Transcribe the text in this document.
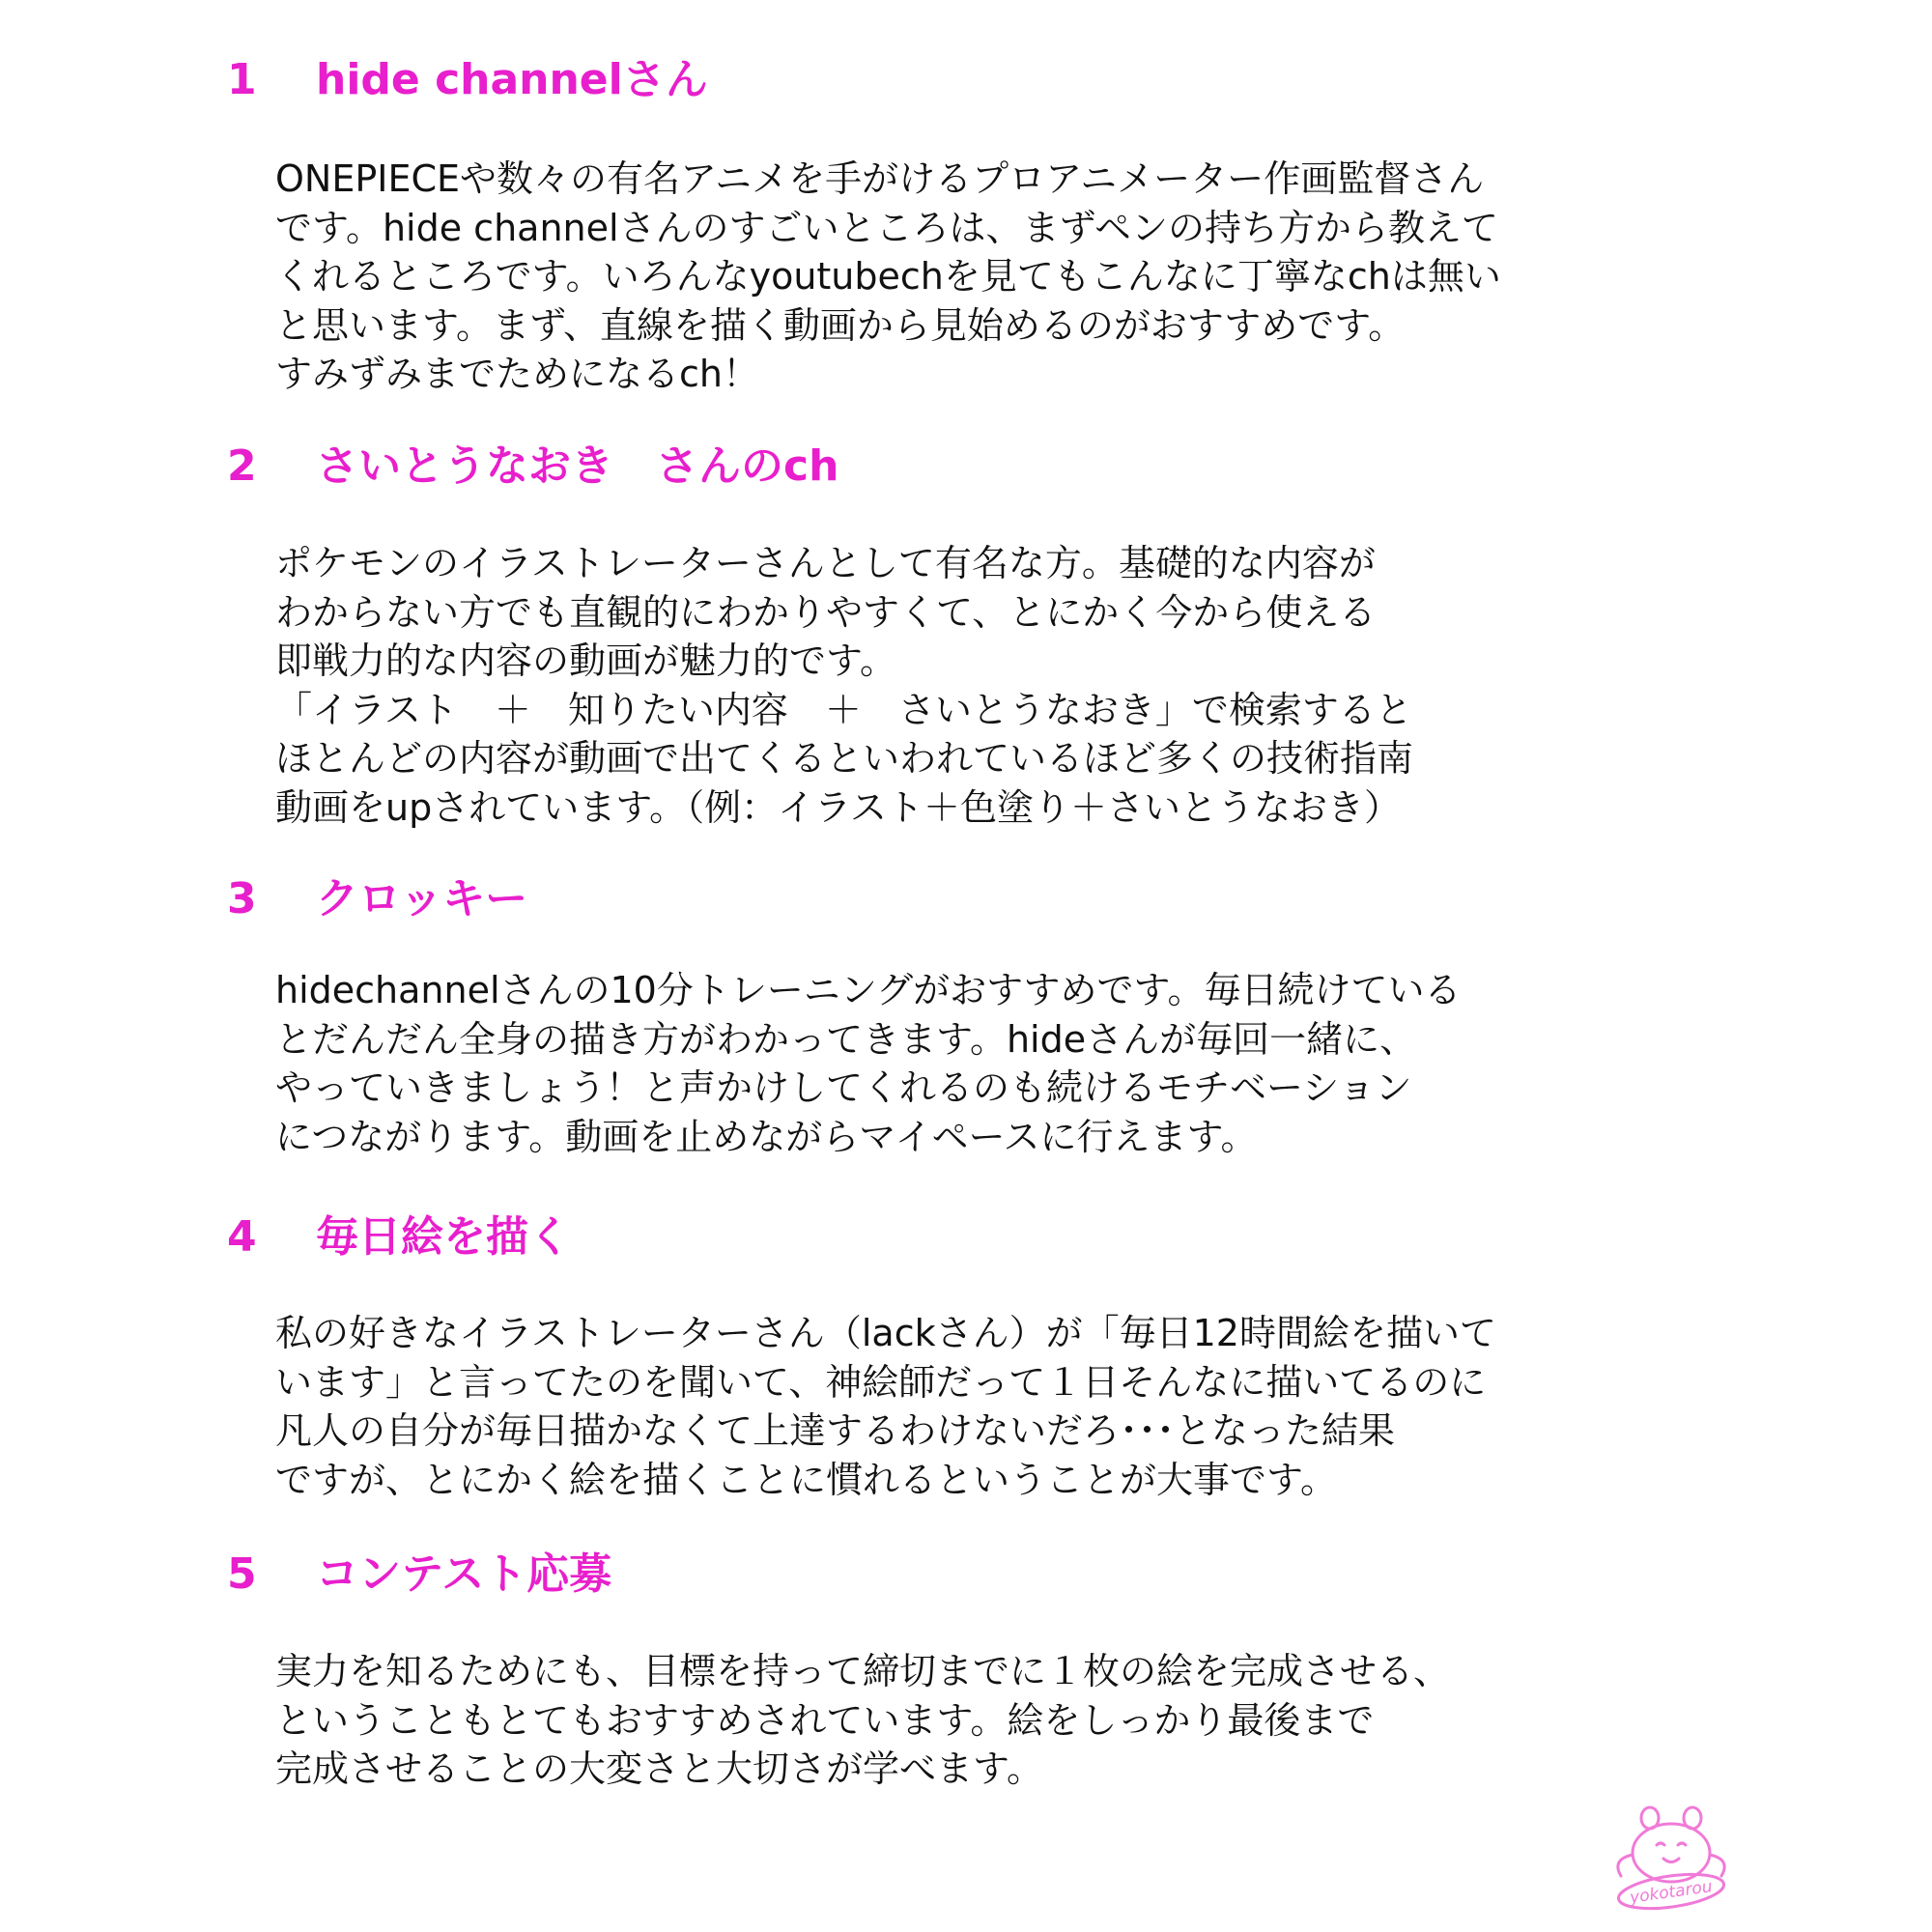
1 hide channelさん
ONEPIECEや数々の有名アニメを手がけるプロアニメーター作画監督さん
です。hide channelさんのすごいところは、まずペンの持ち方から教えて
くれるところです。いろんなyoutubechを見てもこんなに丁寧なchは無い
と思います。まず、直線を描く動画から見始めるのがおすすめです。
すみずみまでためになるch！
2 さいとうなおき　さんのch
ポケモンのイラストレーターさんとして有名な方。基礎的な内容が
わからない方でも直観的にわかりやすくて、とにかく今から使える
即戦力的な内容の動画が魅力的です。
「イラスト　＋　知りたい内容　＋　さいとうなおき」で検索すると
ほとんどの内容が動画で出てくるといわれているほど多くの技術指南
動画をupされています。（例：イラスト＋色塗り＋さいとうなおき）
3 クロッキー
hidechannelさんの10分トレーニングがおすすめです。毎日続けている
とだんだん全身の描き方がわかってきます。hideさんが毎回一緒に、
やっていきましょう！と声かけしてくれるのも続けるモチベーション
につながります。動画を止めながらマイペースに行えます。
4 毎日絵を描く
私の好きなイラストレーターさん（lackさん）が「毎日12時間絵を描いて
います」と言ってたのを聞いて、神絵師だって１日そんなに描いてるのに
凡人の自分が毎日描かなくて上達するわけないだろ･･･となった結果
ですが、とにかく絵を描くことに慣れるということが大事です。
5 コンテスト応募
実力を知るためにも、目標を持って締切までに１枚の絵を完成させる、
ということもとてもおすすめされています。絵をしっかり最後まで
完成させることの大変さと大切さが学べます。
yokotarou
